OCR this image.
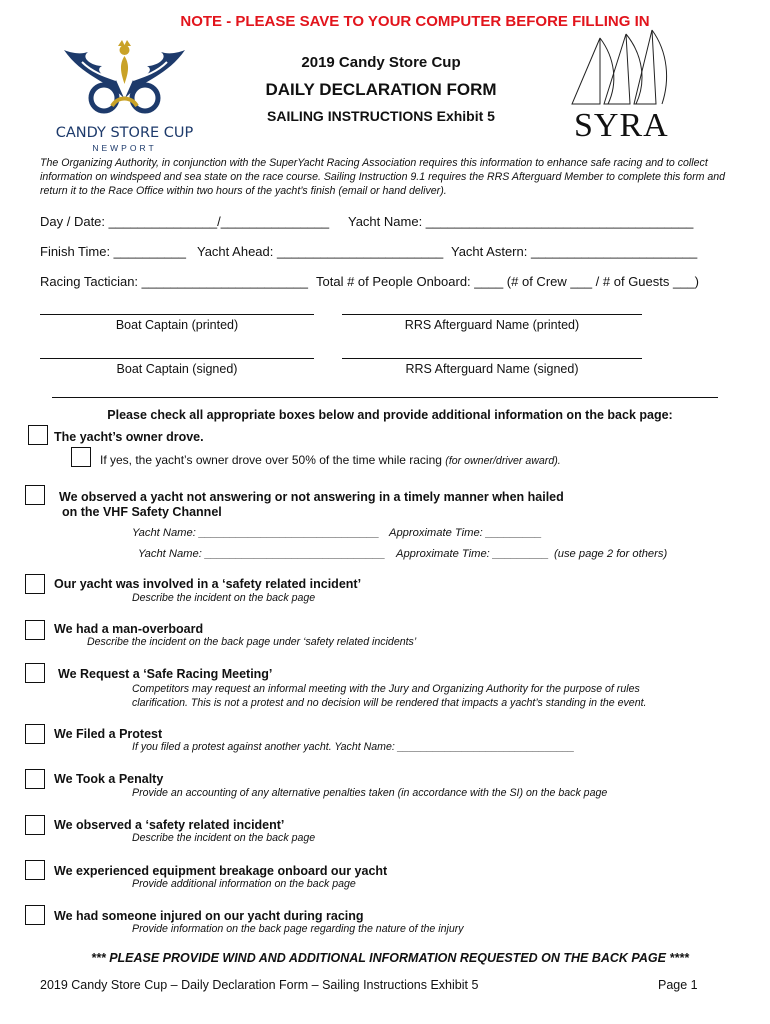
NOTE - PLEASE SAVE TO YOUR COMPUTER BEFORE FILLING IN
CANDY STORE CUP
NEWPORT
2019 Candy Store Cup
DAILY DECLARATION FORM
SAILING INSTRUCTIONS Exhibit 5	SYRA
The Organizing Authority, in conjunction with the SuperYacht Racing Association requires this information to enhance safe racing and to collect information on windspeed and sea state on the race course. Sailing Instruction 9.1 requires the RRS Afterguard Member to complete this form and return it to the Race Office within two hours of the yacht’s finish (email or hand deliver).
Day / Date: _______________/_______________ Yacht Name: _____________________________________
Finish Time: __________ Yacht Ahead: _______________________ Yacht Astern: _______________________
Racing Tactician: _______________________ Total # of People Onboard: ____ (# of Crew ___ / # of Guests ___)
Boat Captain (printed)	RRS Afterguard Name (printed)
Boat Captain (signed)	RRS Afterguard Name (signed)
Please check all appropriate boxes below and provide additional information on the back page:
The yacht’s owner drove.
If yes, the yacht’s owner drove over 50% of the time while racing (for owner/driver award).
We observed a yacht not answering or not answering in a timely manner when hailed
on the VHF Safety Channel
Yacht Name: _____________________________ Approximate Time: _________
Yacht Name: _____________________________ Approximate Time: _________ (use page 2 for others)
Our yacht was involved in a ‘safety related incident’
Describe the incident on the back page
We had a man-overboard
Describe the incident on the back page under ‘safety related incidents’
We Request a ‘Safe Racing Meeting’
Competitors may request an informal meeting with the Jury and Organizing Authority for the purpose of rules clarification. This is not a protest and no decision will be rendered that impacts a yacht’s standing in the event.
We Filed a Protest
If you filed a protest against another yacht. Yacht Name: ______________________________
We Took a Penalty
Provide an accounting of any alternative penalties taken (in accordance with the SI) on the back page
We observed a ‘safety related incident’
Describe the incident on the back page
We experienced equipment breakage onboard our yacht
Provide additional information on the back page
We had someone injured on our yacht during racing
Provide information on the back page regarding the nature of the injury
*** PLEASE PROVIDE WIND AND ADDITIONAL INFORMATION REQUESTED ON THE BACK PAGE ****
2019 Candy Store Cup – Daily Declaration Form – Sailing Instructions Exhibit 5	Page 1
